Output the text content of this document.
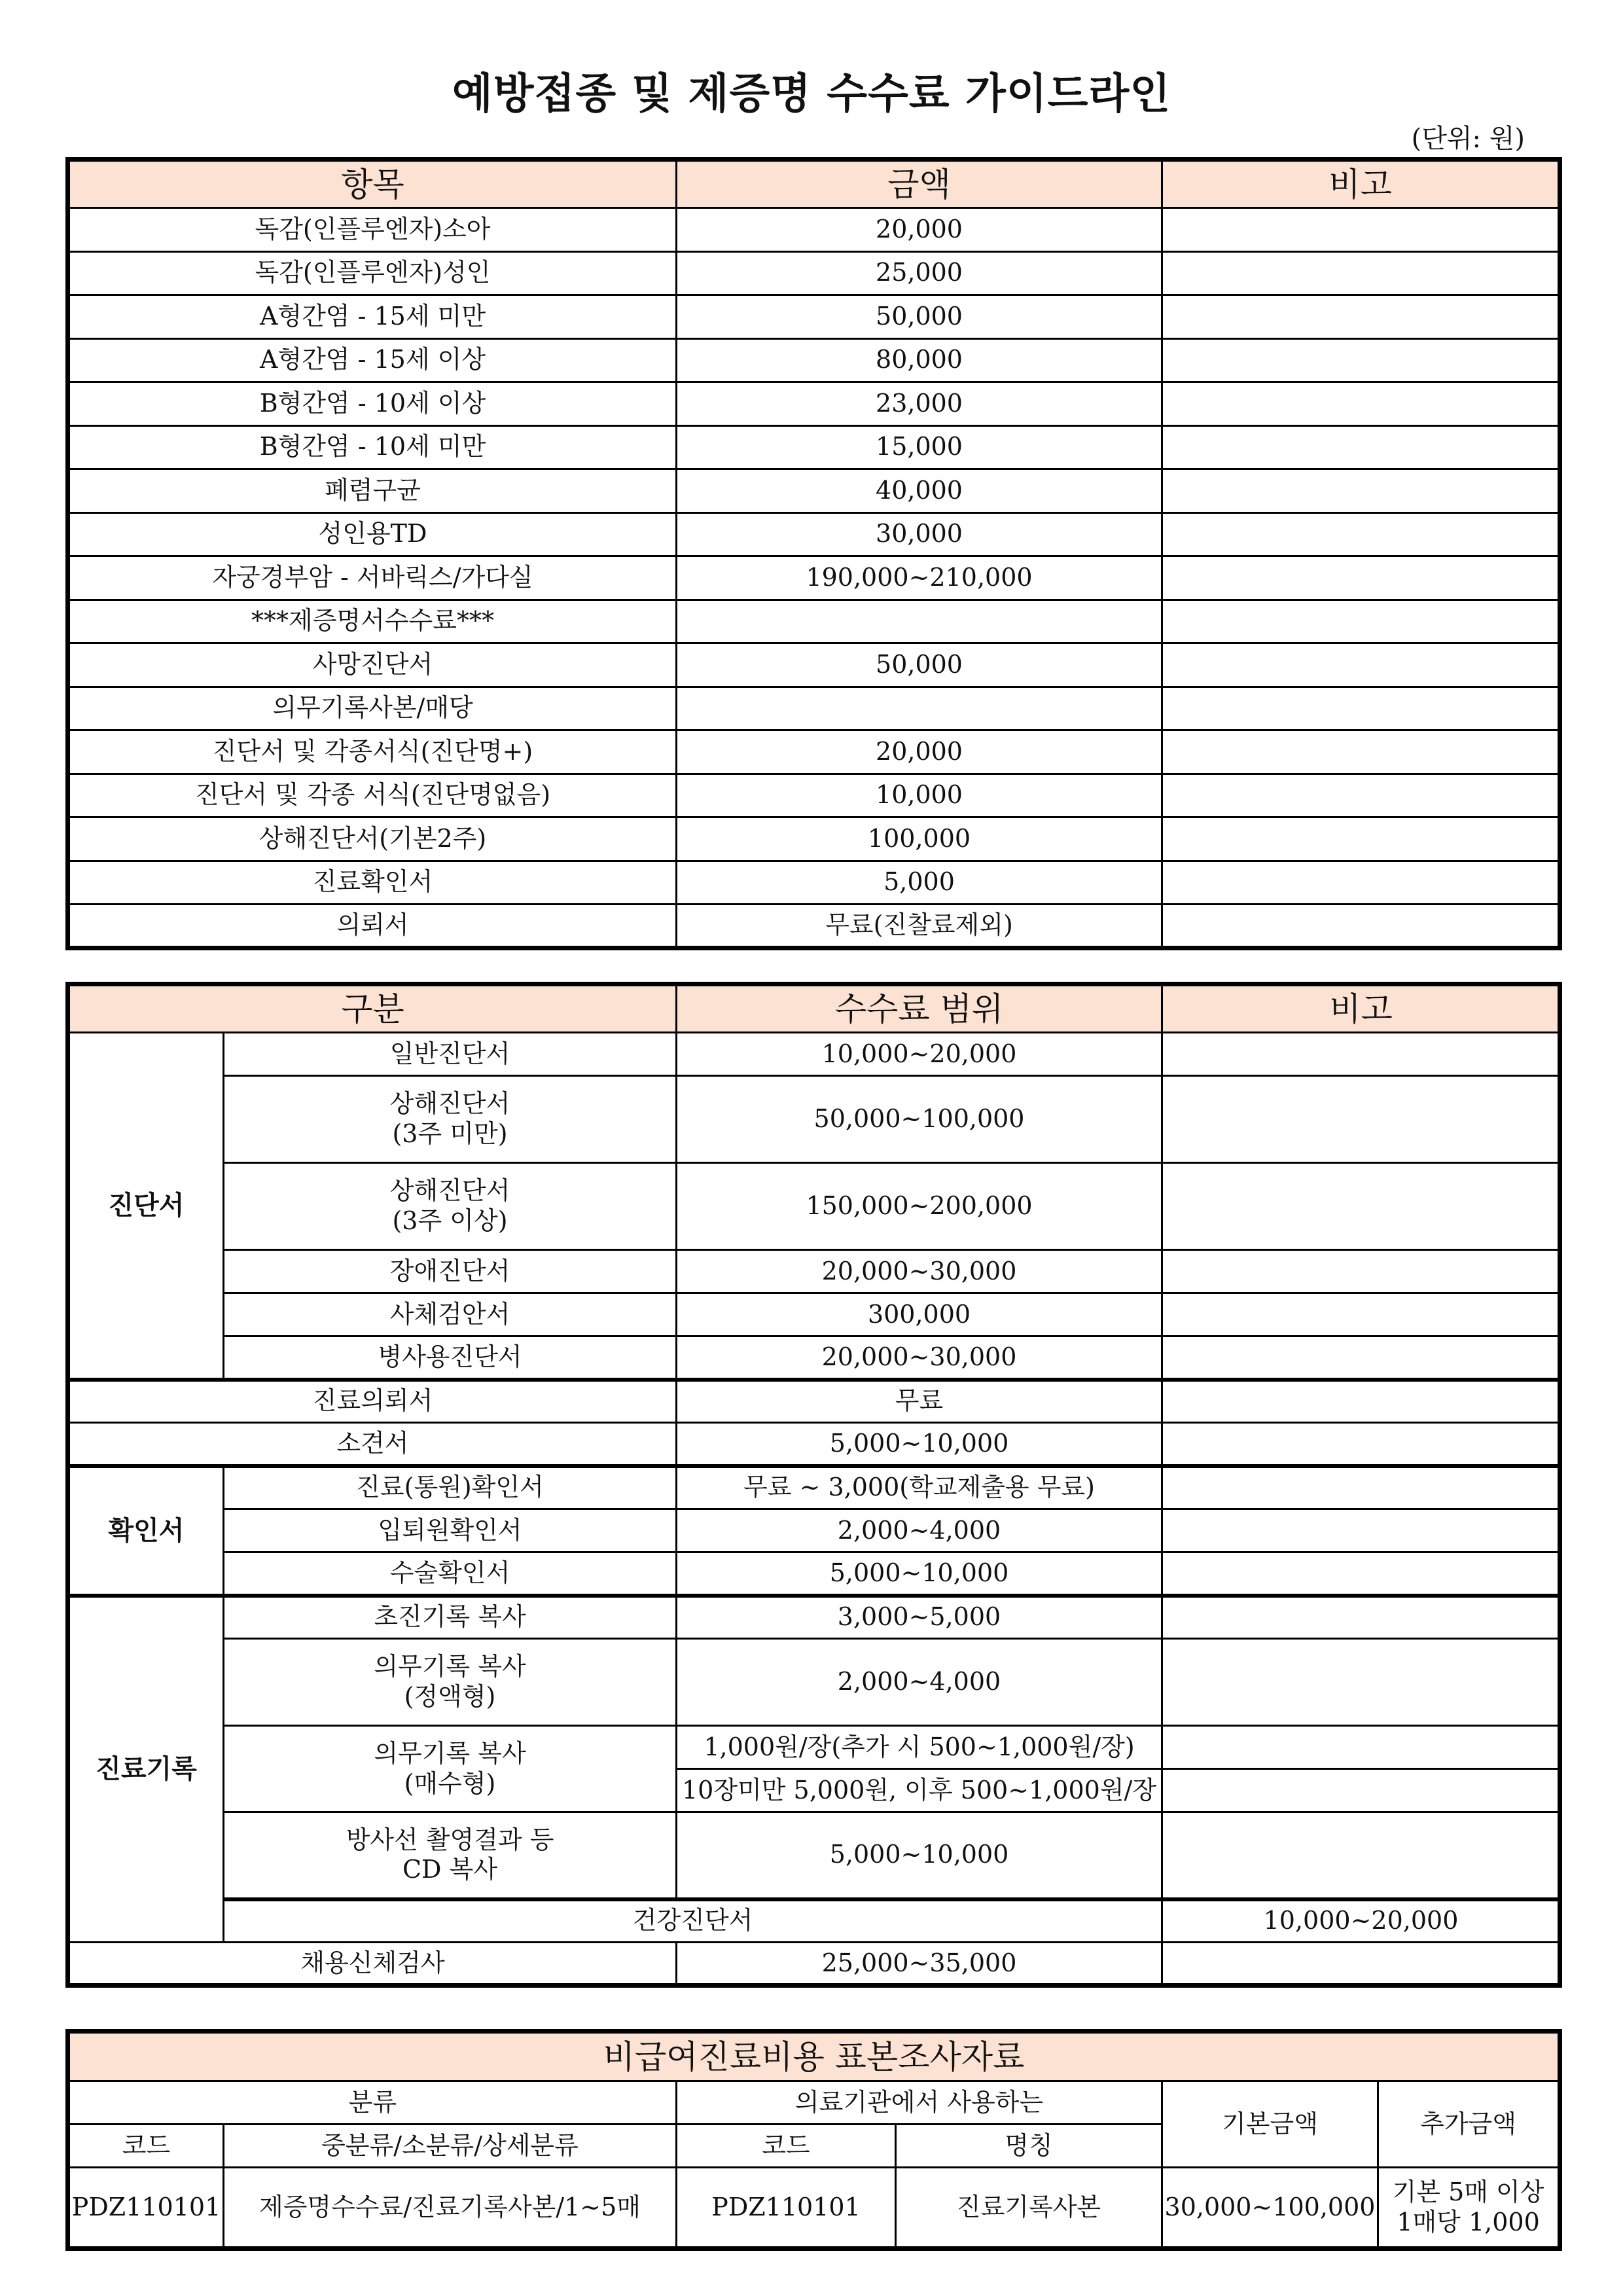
예방접종 및 제증명 수수료 가이드라인
(단위: 원)
항목	금액	비고
독감(인플루엔자)소아	20,000	
독감(인플루엔자)성인	25,000	
A형간염 - 15세 미만	50,000	
A형간염 - 15세 이상	80,000	
B형간염 - 10세 이상	23,000	
B형간염 - 10세 미만	15,000	
폐렴구균	40,000	
성인용TD	30,000	
자궁경부암 - 서바릭스/가다실	190,000~210,000	
***제증명서수수료***		
사망진단서	50,000	
의무기록사본/매당		
진단서 및 각종서식(진단명+)	20,000	
진단서 및 각종 서식(진단명없음)	10,000	
상해진단서(기본2주)	100,000	
진료확인서	5,000	
의뢰서	무료(진찰료제외)	
구분		수수료 범위	비고	
진단서	일반진단서	10,000~20,000		
	상해진단서
(3주 미만)	50,000~100,000		
	상해진단서
(3주 이상)	150,000~200,000		
	장애진단서	20,000~30,000		
	사체검안서	300,000		
	병사용진단서	20,000~30,000		
진료의뢰서		무료		
소견서		5,000~10,000		
확인서	진료(통원)확인서	무료 ~ 3,000(학교제출용 무료)		
	입퇴원확인서	2,000~4,000		
	수술확인서	5,000~10,000		
진료기록	초진기록 복사	3,000~5,000		
	의무기록 복사
(정액형)	2,000~4,000		
	의무기록 복사
(매수형)	1,000원/장(추가 시 500~1,000원/장)		
		10장미만 5,000원, 이후 500~1,000원/장		
	방사선 촬영결과 등
CD 복사	5,000~10,000		
	건강진단서		10,000~20,000	
채용신체검사		25,000~35,000		
비급여진료비용 표본조사자료					
분류		의료기관에서 사용하는		기본금액	추가금액
코드	중분류/소분류/상세분류	코드	명칭		
PDZ110101	제증명수수료/진료기록사본/1~5매	PDZ110101	진료기록사본	30,000~100,000	기본 5매 이상
1매당 1,000
